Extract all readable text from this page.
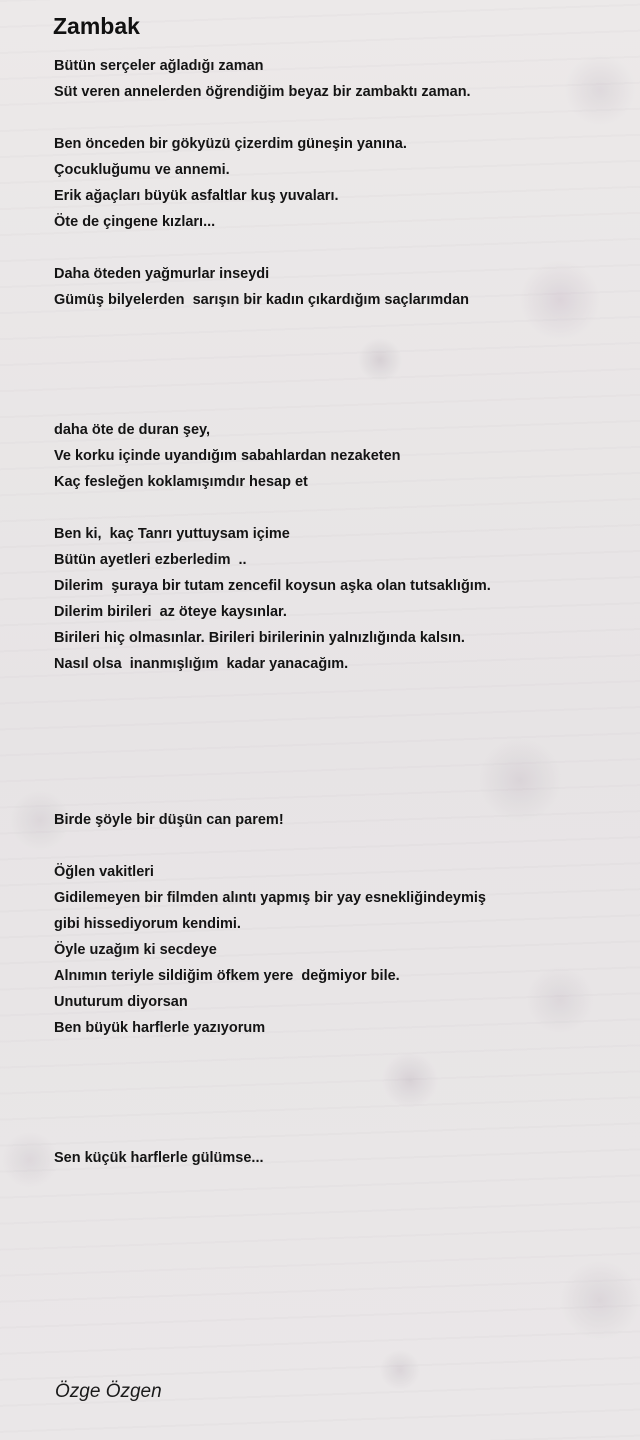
Zambak
Bütün serçeler ağladığı zaman
Süt veren annelerden öğrendiğim beyaz bir zambaktı zaman.
Ben önceden bir gökyüzü çizerdim güneşin yanına.
Çocukluğumu ve annemi.
Erik ağaçları büyük asfaltlar kuş yuvaları.
Öte de çingene kızları...
Daha öteden yağmurlar inseydi
Gümüş bilyelerden  sarışın bir kadın çıkardığım saçlarımdan
daha öte de duran şey,
Ve korku içinde uyandığım sabahlardan nezaketen
Kaç fesleğen koklamışımdır hesap et
Ben ki,  kaç Tanrı yuttuysam içime
Bütün ayetleri ezberledim  ..
Dilerim  şuraya bir tutam zencefil koysun aşka olan tutsaklığım.
Dilerim birileri  az öteye kaysınlar.
Birileri hiç olmasınlar. Birileri birilerinin yalnızlığında kalsın.
Nasıl olsa  inanmışlığım  kadar yanacağım.
Birde şöyle bir düşün can parem!
Öğlen vakitleri
Gidilemeyen bir filmden alıntı yapmış bir yay esnekliğindeymiş
gibi hissediyorum kendimi.
Öyle uzağım ki secdeye
Alnımın teriyle sildiğim öfkem yere  değmiyor bile.
Unuturum diyorsan
Ben büyük harflerle yazıyorum
Sen küçük harflerle gülümse...

Özge Özgen
